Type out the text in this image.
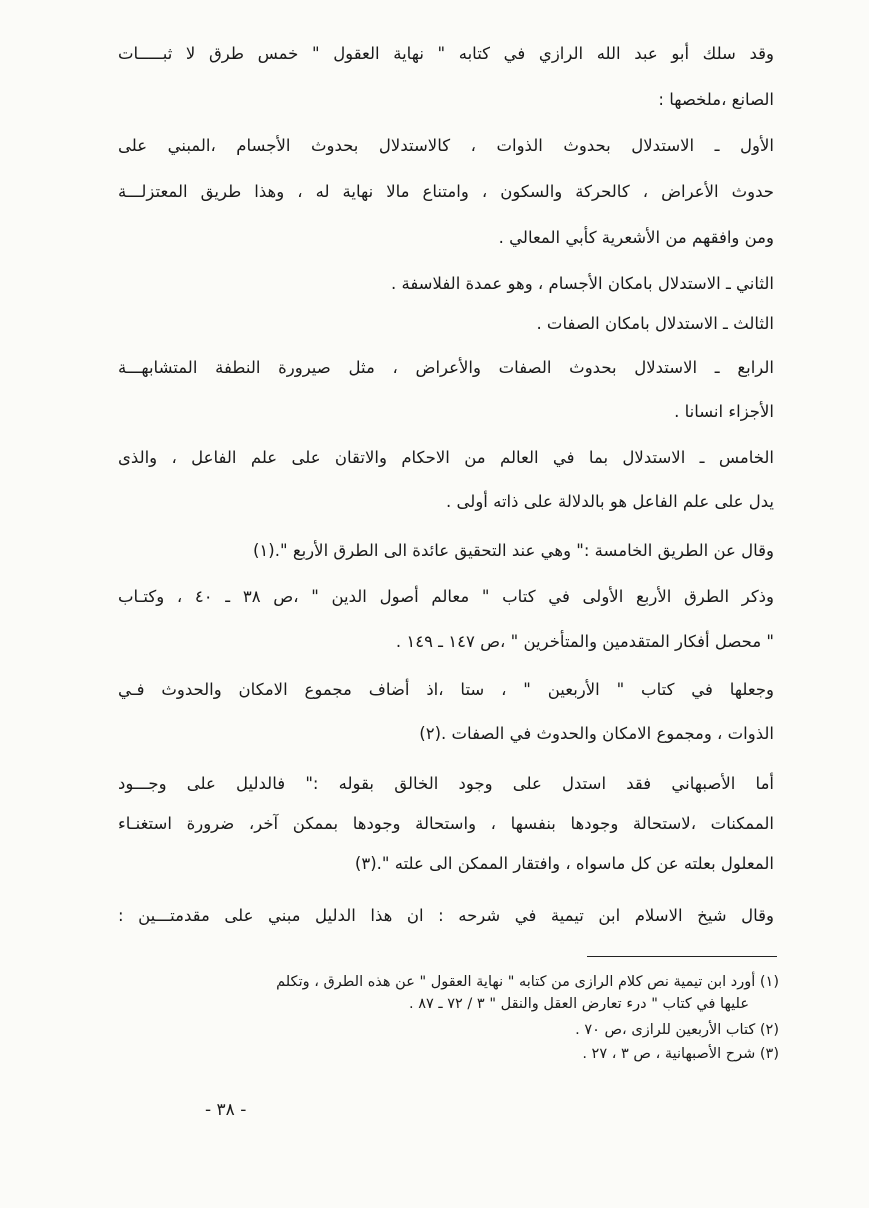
وقد سلك أبو عبد الله الرازي في كتابه " نهاية العقول " خمس طرق لا ثبـــــات
الصانع ،ملخصها :
الأول ـ الاستدلال بحدوث الذوات ، كالاستدلال بحدوث الأجسام ،المبني على
حدوث الأعراض ، كالحركة والسكون ، وامتناع مالا نهاية له ، وهذا طريق المعتزلـــة
ومن وافقهم من الأشعرية كأبي المعالي .
الثاني ـ الاستدلال بامكان الأجسام ، وهو عمدة الفلاسفة .
الثالث ـ الاستدلال بامكان الصفات .
الرابع ـ الاستدلال بحدوث الصفات والأعراض ، مثل صيرورة النطفة المتشابهـــة
الأجزاء انسانا .
الخامس ـ الاستدلال بما في العالم من الاحكام والاتقان على علم الفاعل ، والذى
يدل على علم الفاعل هو بالدلالة على ذاته أولى .
وقال عن الطريق الخامسة :" وهي عند التحقيق عائدة الى الطرق الأربع ".(١)
وذكر الطرق الأربع الأولى في كتاب " معالم أصول الدين " ،ص ٣٨ ـ ٤٠ ، وكتـاب
" محصل أفكار المتقدمين والمتأخرين " ،ص ١٤٧ ـ ١٤٩ .
وجعلها في كتاب " الأربعين " ، ستا ،اذ أضاف مجموع الامكان والحدوث فـي
الذوات ، ومجموع الامكان والحدوث في الصفات .(٢)
أما الأصبهاني فقد استدل على وجود الخالق بقوله :" فالدليل على وجـــود
الممكنات ،لاستحالة وجودها بنفسها ، واستحالة وجودها بممكن آخر، ضرورة استغنـاء
المعلول بعلته عن كل ماسواه ، وافتقار الممكن الى علته ".(٣)
وقال شيخ الاسلام ابن تيمية في شرحه : ان هذا الدليل مبني على مقدمتـــين :
(١) أورد ابن تيمية نص كلام الرازى من كتابه " نهاية العقول " عن هذه الطرق ، وتكلم
عليها في كتاب " درء تعارض العقل والنقل " ٣ / ٧٢ ـ ٨٧ .
(٢) كتاب الأربعين للرازى ،ص ٧٠ .
(٣) شرح الأصبهانية ، ص ٣ ، ٢٧ .
- ٣٨ -
